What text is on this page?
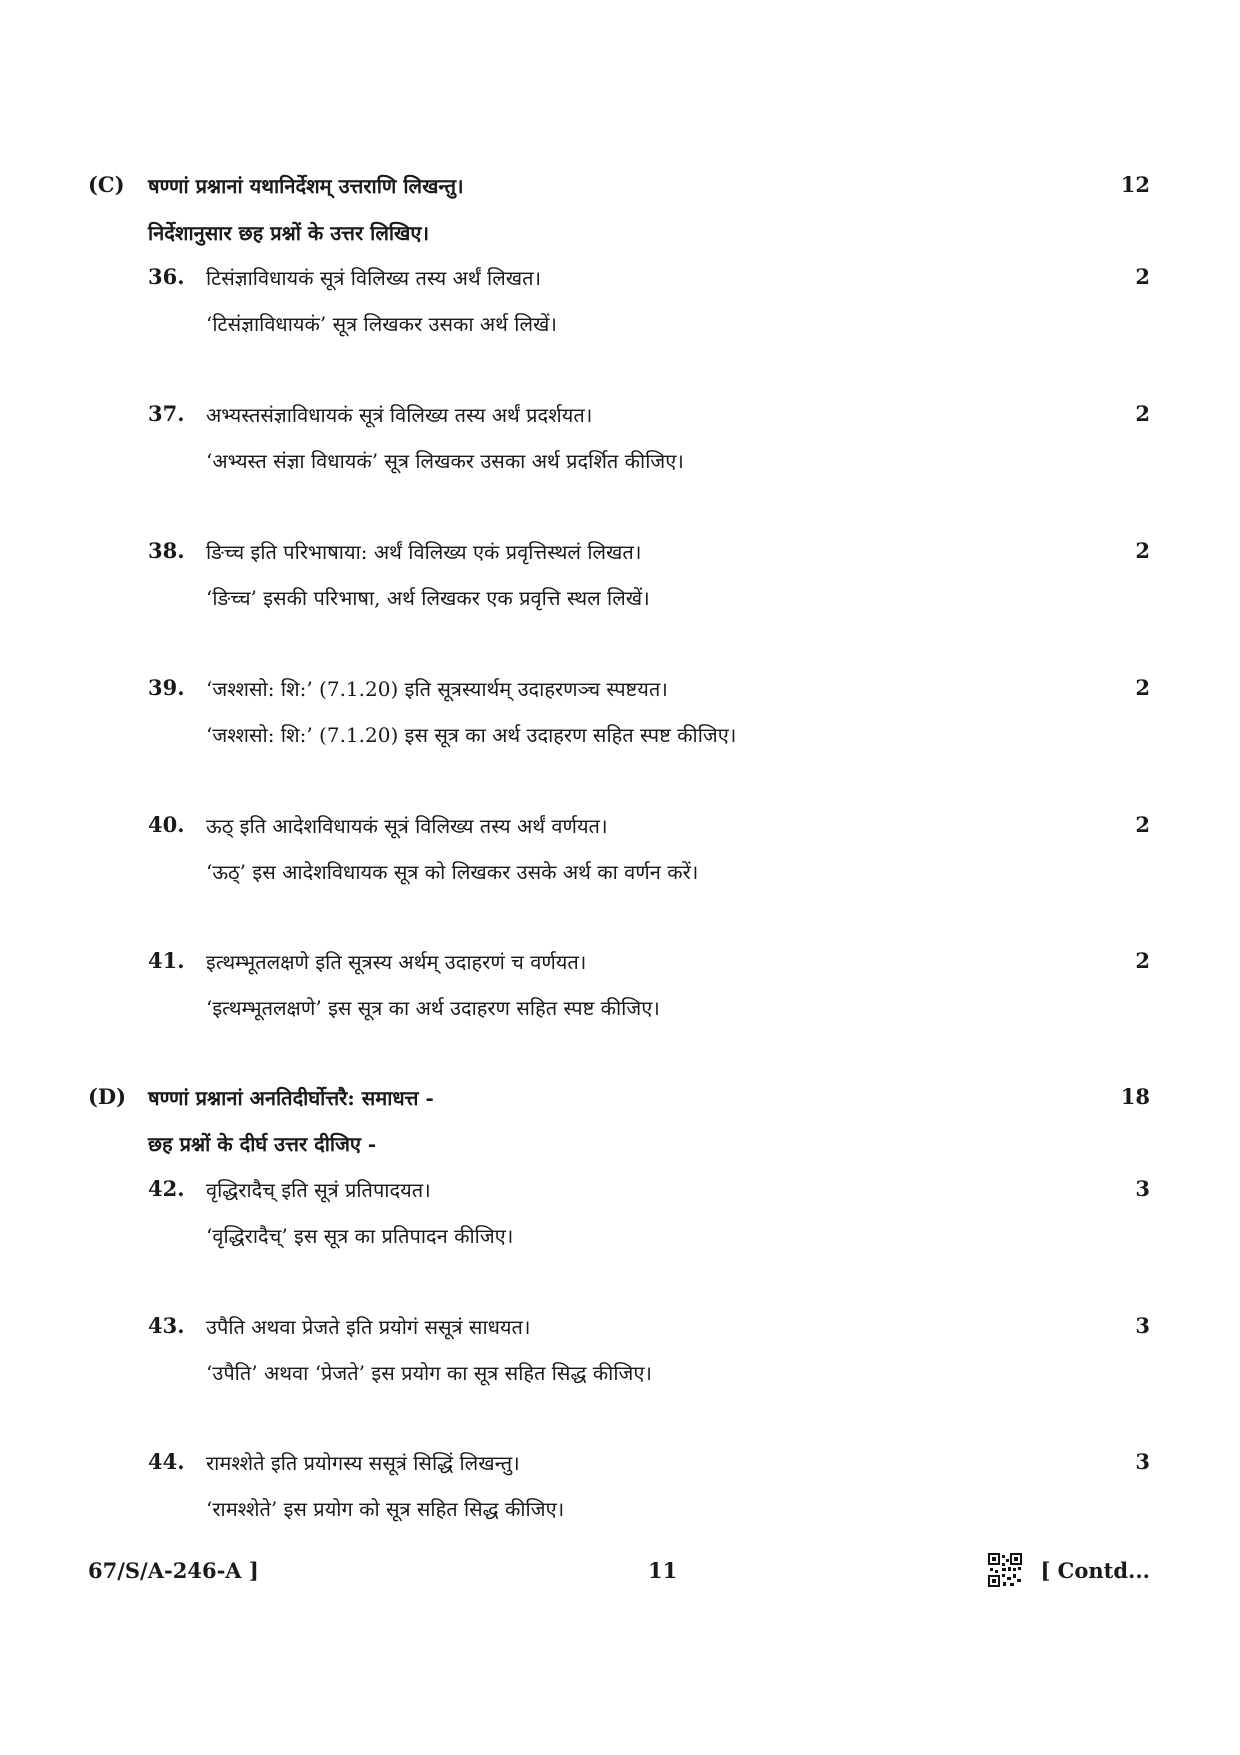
(C) षण्णां प्रश्नानां यथानिर्देशम् उत्तराणि लिखन्तु।	12
निर्देशानुसार छह प्रश्नों के उत्तर लिखिए।
36. टिसंज्ञाविधायकं सूत्रं विलिख्य तस्य अर्थं लिखत।	2
‘टिसंज्ञाविधायकं’ सूत्र लिखकर उसका अर्थ लिखें।
37. अभ्यस्तसंज्ञाविधायकं सूत्रं विलिख्य तस्य अर्थं प्रदर्शयत।	2
‘अभ्यस्त संज्ञा विधायकं’ सूत्र लिखकर उसका अर्थ प्रदर्शित कीजिए।
38. ङिच्च इति परिभाषाया: अर्थं विलिख्य एकं प्रवृत्तिस्थलं लिखत।	2
‘ङिच्च’ इसकी परिभाषा, अर्थ लिखकर एक प्रवृत्ति स्थल लिखें।
39. ‘जश्शसो: शि:’ (7.1.20) इति सूत्रस्यार्थम् उदाहरणञ्च स्पष्टयत।	2
‘जश्शसो: शि:’ (7.1.20) इस सूत्र का अर्थ उदाहरण सहित स्पष्ट कीजिए।
40. ऊठ् इति आदेशविधायकं सूत्रं विलिख्य तस्य अर्थं वर्णयत।	2
‘ऊठ्’ इस आदेशविधायक सूत्र को लिखकर उसके अर्थ का वर्णन करें।
41. इत्थम्भूतलक्षणे इति सूत्रस्य अर्थम् उदाहरणं च वर्णयत।	2
‘इत्थम्भूतलक्षणे’ इस सूत्र का अर्थ उदाहरण सहित स्पष्ट कीजिए।
(D) षण्णां प्रश्नानां अनतिदीर्घोत्तरै: समाधत्त -	18
छह प्रश्नों के दीर्घ उत्तर दीजिए -
42. वृद्धिरादैच् इति सूत्रं प्रतिपादयत।	3
‘वृद्धिरादैच्’ इस सूत्र का प्रतिपादन कीजिए।
43. उपैति अथवा प्रेजते इति प्रयोगं ससूत्रं साधयत।	3
‘उपैति’ अथवा ‘प्रेजते’ इस प्रयोग का सूत्र सहित सिद्ध कीजिए।
44. रामश्शेते इति प्रयोगस्य ससूत्रं सिद्धिं लिखन्तु।	3
‘रामश्शेते’ इस प्रयोग को सूत्र सहित सिद्ध कीजिए।
67/S/A-246-A ]	11	[ Contd...
